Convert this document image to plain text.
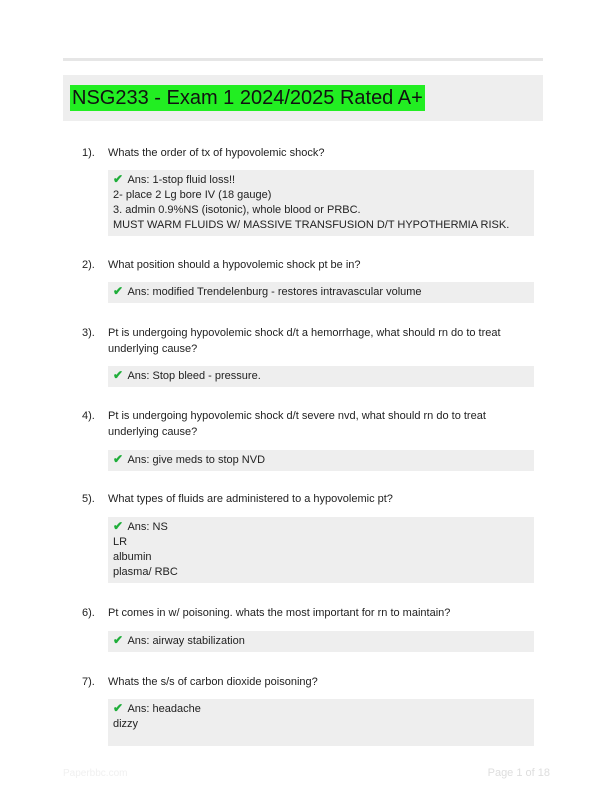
NSG233 - Exam 1 2024/2025 Rated A+
1). Whats the order of tx of hypovolemic shock?
✔ Ans: 1-stop fluid loss!!
2- place 2 Lg bore IV (18 gauge)
3. admin 0.9%NS (isotonic), whole blood or PRBC.
MUST WARM FLUIDS W/ MASSIVE TRANSFUSION D/T HYPOTHERMIA RISK.
2). What position should a hypovolemic shock pt be in?
✔ Ans: modified Trendelenburg - restores intravascular volume
3). Pt is undergoing hypovolemic shock d/t a hemorrhage, what should rn do to treat underlying cause?
✔ Ans: Stop bleed - pressure.
4). Pt is undergoing hypovolemic shock d/t severe nvd, what should rn do to treat underlying cause?
✔ Ans: give meds to stop NVD
5). What types of fluids are administered to a hypovolemic pt?
✔ Ans: NS
LR
albumin
plasma/ RBC
6). Pt comes in w/ poisoning. whats the most important for rn to maintain?
✔ Ans: airway stabilization
7). Whats the s/s of carbon dioxide poisoning?
✔ Ans: headache
dizzy
Paperbbc.com	Page 1 of 18
